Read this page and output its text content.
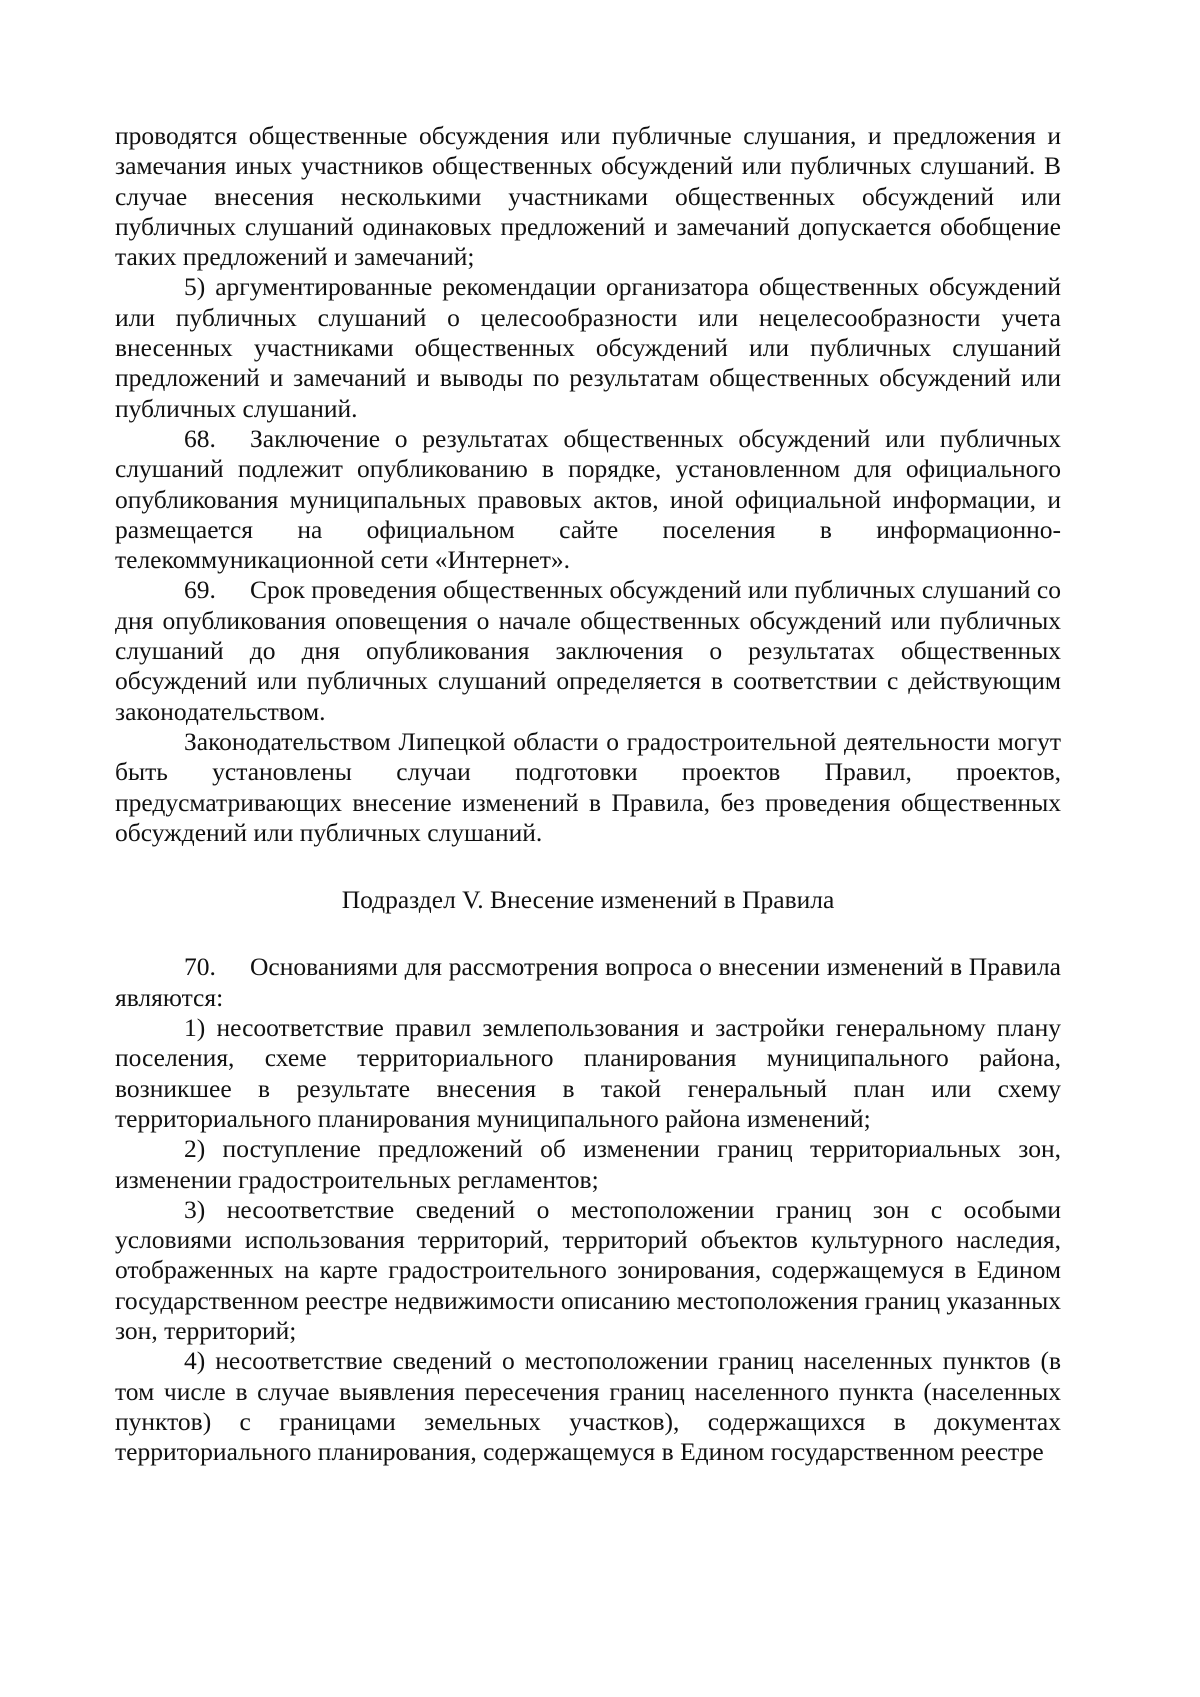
проводятся общественные обсуждения или публичные слушания, и предложения и замечания иных участников общественных обсуждений или публичных слушаний. В случае внесения несколькими участниками общественных обсуждений или публичных слушаний одинаковых предложений и замечаний допускается обобщение таких предложений и замечаний;

5) аргументированные рекомендации организатора общественных обсуждений или публичных слушаний о целесообразности или нецелесообразности учета внесенных участниками общественных обсуждений или публичных слушаний предложений и замечаний и выводы по результатам общественных обсуждений или публичных слушаний.

68. Заключение о результатах общественных обсуждений или публичных слушаний подлежит опубликованию в порядке, установленном для официального опубликования муниципальных правовых актов, иной официальной информации, и размещается на официальном сайте поселения в информационно-телекоммуникационной сети «Интернет».

69. Срок проведения общественных обсуждений или публичных слушаний со дня опубликования оповещения о начале общественных обсуждений или публичных слушаний до дня опубликования заключения о результатах общественных обсуждений или публичных слушаний определяется в соответствии с действующим законодательством.

Законодательством Липецкой области о градостроительной деятельности могут быть установлены случаи подготовки проектов Правил, проектов, предусматривающих внесение изменений в Правила, без проведения общественных обсуждений или публичных слушаний.

Подраздел V. Внесение изменений в Правила

70. Основаниями для рассмотрения вопроса о внесении изменений в Правила являются:

1) несоответствие правил землепользования и застройки генеральному плану поселения, схеме территориального планирования муниципального района, возникшее в результате внесения в такой генеральный план или схему территориального планирования муниципального района изменений;

2) поступление предложений об изменении границ территориальных зон, изменении градостроительных регламентов;

3) несоответствие сведений о местоположении границ зон с особыми условиями использования территорий, территорий объектов культурного наследия, отображенных на карте градостроительного зонирования, содержащемуся в Едином государственном реестре недвижимости описанию местоположения границ указанных зон, территорий;

4) несоответствие сведений о местоположении границ населенных пунктов (в том числе в случае выявления пересечения границ населенного пункта (населенных пунктов) с границами земельных участков), содержащихся в документах территориального планирования, содержащемуся в Едином государственном реестре
